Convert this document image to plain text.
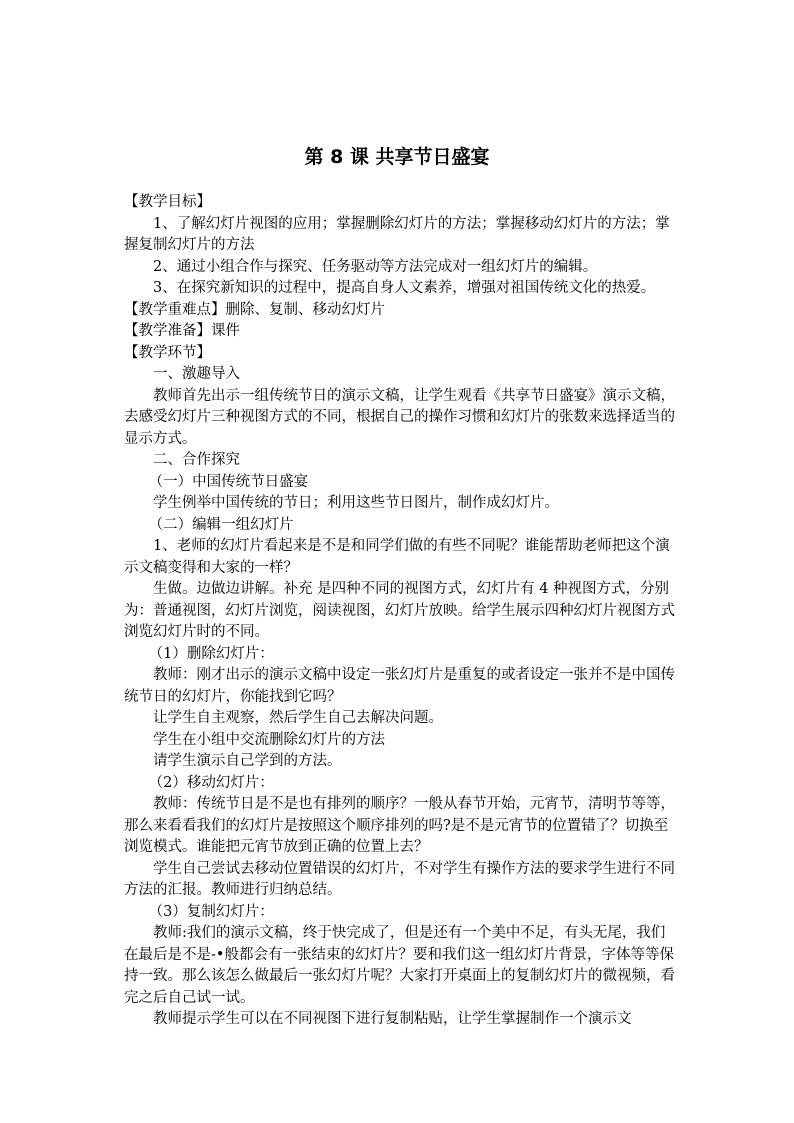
第 8 课 共享节日盛宴

【教学目标】

1、了解幻灯片视图的应用；掌握删除幻灯片的方法；掌握移动幻灯片的方法；掌握复制幻灯片的方法

2、通过小组合作与探究、任务驱动等方法完成对一组幻灯片的编辑。

3、在探究新知识的过程中，提高自身人文素养，增强对祖国传统文化的热爱。

【教学重难点】删除、复制、移动幻灯片

【教学准备】课件

【教学环节】

一、激趣导入

教师首先出示一组传统节日的演示文稿，让学生观看《共享节日盛宴》演示文稿，去感受幻灯片三种视图方式的不同，根据自己的操作习惯和幻灯片的张数来选择适当的显示方式。

二、合作探究

（一）中国传统节日盛宴

学生例举中国传统的节日；利用这些节日图片，制作成幻灯片。

（二）编辑一组幻灯片

1、老师的幻灯片看起来是不是和同学们做的有些不同呢？谁能帮助老师把这个演示文稿变得和大家的一样？

生做。边做边讲解。补充 是四种不同的视图方式，幻灯片有 4 种视图方式，分别为：普通视图，幻灯片浏览，阅读视图，幻灯片放映。给学生展示四种幻灯片视图方式浏览幻灯片时的不同。

（1）删除幻灯片：

教师：刚才出示的演示文稿中设定一张幻灯片是重复的或者设定一张并不是中国传统节日的幻灯片，你能找到它吗？

让学生自主观察，然后学生自己去解决问题。

学生在小组中交流删除幻灯片的方法

请学生演示自己学到的方法。

（2）移动幻灯片：

教师：传统节日是不是也有排列的顺序？一般从春节开始，元宵节，清明节等等，那么来看看我们的幻灯片是按照这个顺序排列的吗?是不是元宵节的位置错了？切换至浏览模式。谁能把元宵节放到正确的位置上去？

学生自己尝试去移动位置错误的幻灯片，不对学生有操作方法的要求学生进行不同方法的汇报。教师进行归纳总结。

（3）复制幻灯片：

教师:我们的演示文稿，终于快完成了，但是还有一个美中不足，有头无尾，我们在最后是不是-•般都会有一张结束的幻灯片？要和我们这一组幻灯片背景，字体等等保持一致。那么该怎么做最后一张幻灯片呢？大家打开桌面上的复制幻灯片的微视频，看完之后自己试一试。

教师提示学生可以在不同视图下进行复制粘贴，让学生掌握制作一个演示文
